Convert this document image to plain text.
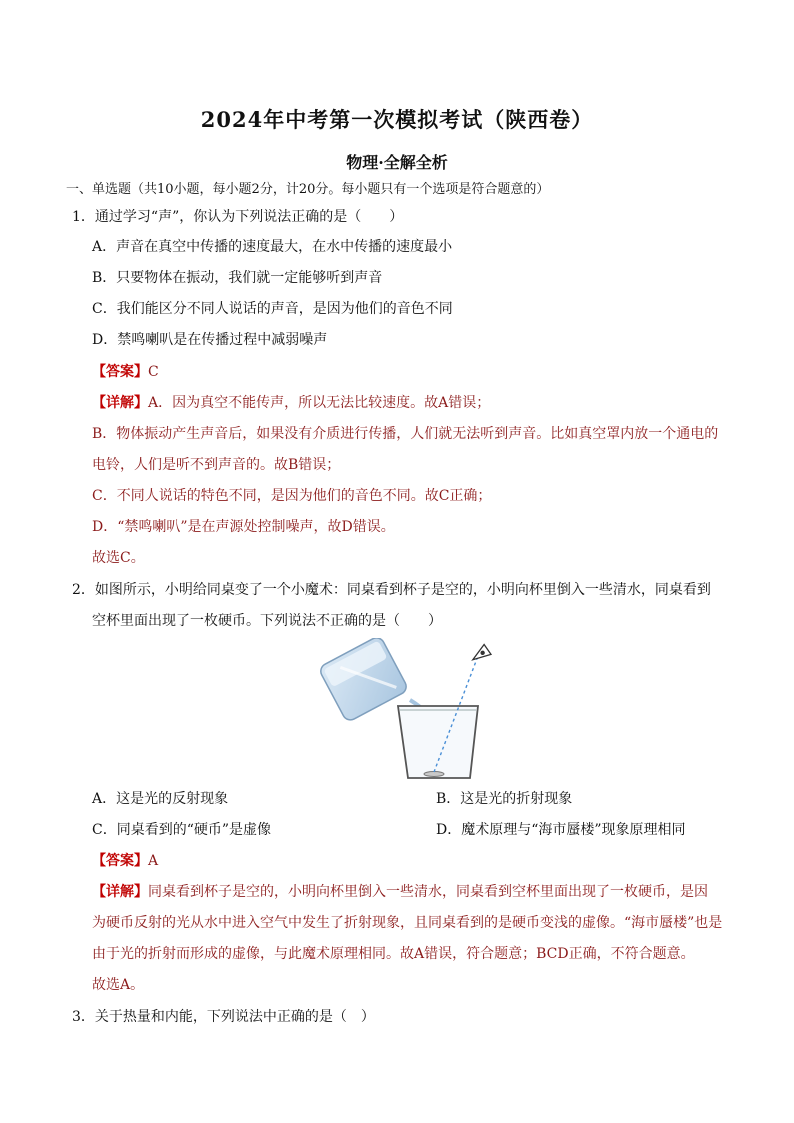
2024年中考第一次模拟考试（陕西卷）
物理·全解全析
一、单选题（共10小题，每小题2分，计20分。每小题只有一个选项是符合题意的）
1．通过学习“声”，你认为下列说法正确的是（　　）
A．声音在真空中传播的速度最大，在水中传播的速度最小
B．只要物体在振动，我们就一定能够听到声音
C．我们能区分不同人说话的声音，是因为他们的音色不同
D．禁鸣喇叭是在传播过程中减弱噪声
【答案】C
【详解】A．因为真空不能传声，所以无法比较速度。故A错误；
B．物体振动产生声音后，如果没有介质进行传播，人们就无法听到声音。比如真空罩内放一个通电的
电铃，人们是听不到声音的。故B错误；
C．不同人说话的特色不同，是因为他们的音色不同。故C正确；
D．“禁鸣喇叭”是在声源处控制噪声，故D错误。
故选C。
2．如图所示，小明给同桌变了一个小魔术：同桌看到杯子是空的，小明向杯里倒入一些清水，同桌看到
空杯里面出现了一枚硬币。下列说法不正确的是（　　）
A．这是光的反射现象	B．这是光的折射现象
C．同桌看到的“硬币”是虚像	D．魔术原理与“海市蜃楼”现象原理相同
【答案】A
【详解】同桌看到杯子是空的，小明向杯里倒入一些清水，同桌看到空杯里面出现了一枚硬币，是因
为硬币反射的光从水中进入空气中发生了折射现象，且同桌看到的是硬币变浅的虚像。“海市蜃楼”也是
由于光的折射而形成的虚像，与此魔术原理相同。故A错误，符合题意；BCD正确，不符合题意。
故选A。
3．关于热量和内能，下列说法中正确的是（　）
